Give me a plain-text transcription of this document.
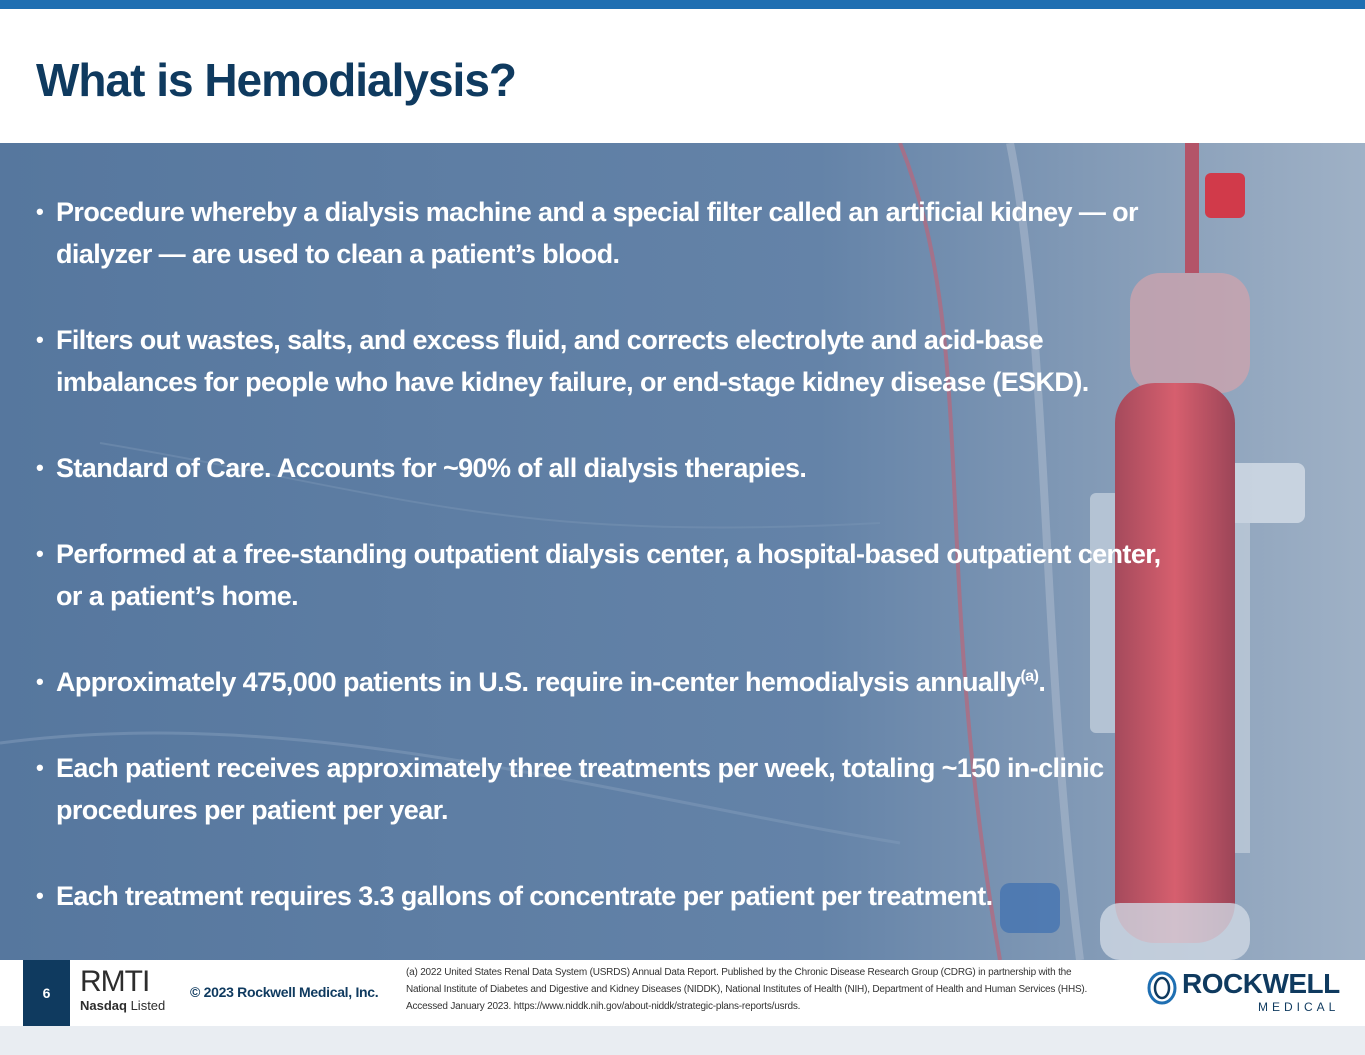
What is Hemodialysis?
• Procedure whereby a dialysis machine and a special filter called an artificial kidney — or dialyzer — are used to clean a patient’s blood.
• Filters out wastes, salts, and excess fluid, and corrects electrolyte and acid-base imbalances for people who have kidney failure, or end-stage kidney disease (ESKD).
• Standard of Care. Accounts for ~90% of all dialysis therapies.
• Performed at a free-standing outpatient dialysis center, a hospital-based outpatient center, or a patient’s home.
• Approximately 475,000 patients in U.S. require in-center hemodialysis annually$^{(a)}$.
• Each patient receives approximately three treatments per week, totaling ~150 in-clinic procedures per patient per year.
• Each treatment requires 3.3 gallons of concentrate per patient per treatment.
6 RMTI
Nasdaq Listed
© 2023 Rockwell Medical, Inc.
(a) 2022 United States Renal Data System (USRDS) Annual Data Report. Published by the Chronic Disease Research Group (CDRG) in partnership with the National Institute of Diabetes and Digestive and Kidney Diseases (NIDDK), National Institutes of Health (NIH), Department of Health and Human Services (HHS). Accessed January 2023. https://www.niddk.nih.gov/about-niddk/strategic-plans-reports/usrds.
ROCKWELL
MEDICAL
